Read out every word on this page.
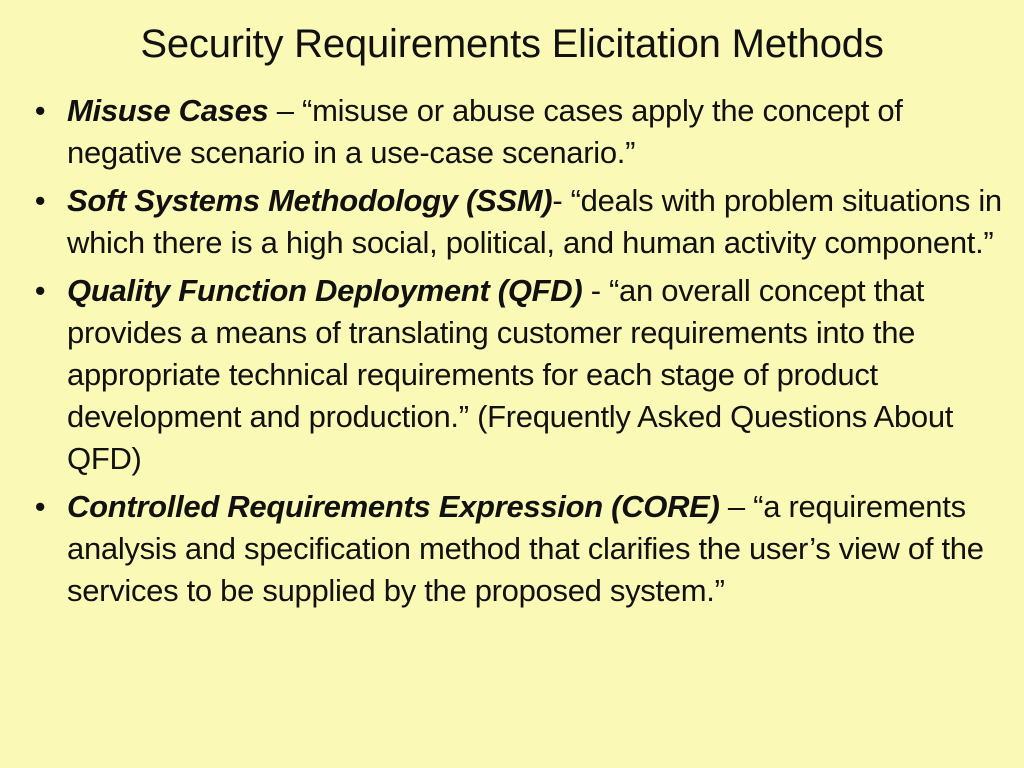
Security Requirements Elicitation Methods
• Misuse Cases – “misuse or abuse cases apply the concept of negative scenario in a use-case scenario.”
• Soft Systems Methodology (SSM)- “deals with problem situations in which there is a high social, political, and human activity component.”
• Quality Function Deployment (QFD) - “an overall concept that provides a means of translating customer requirements into the appropriate technical requirements for each stage of product development and production.” (Frequently Asked Questions About QFD)
• Controlled Requirements Expression (CORE) – “a requirements analysis and specification method that clarifies the user’s view of the services to be supplied by the proposed system.”
